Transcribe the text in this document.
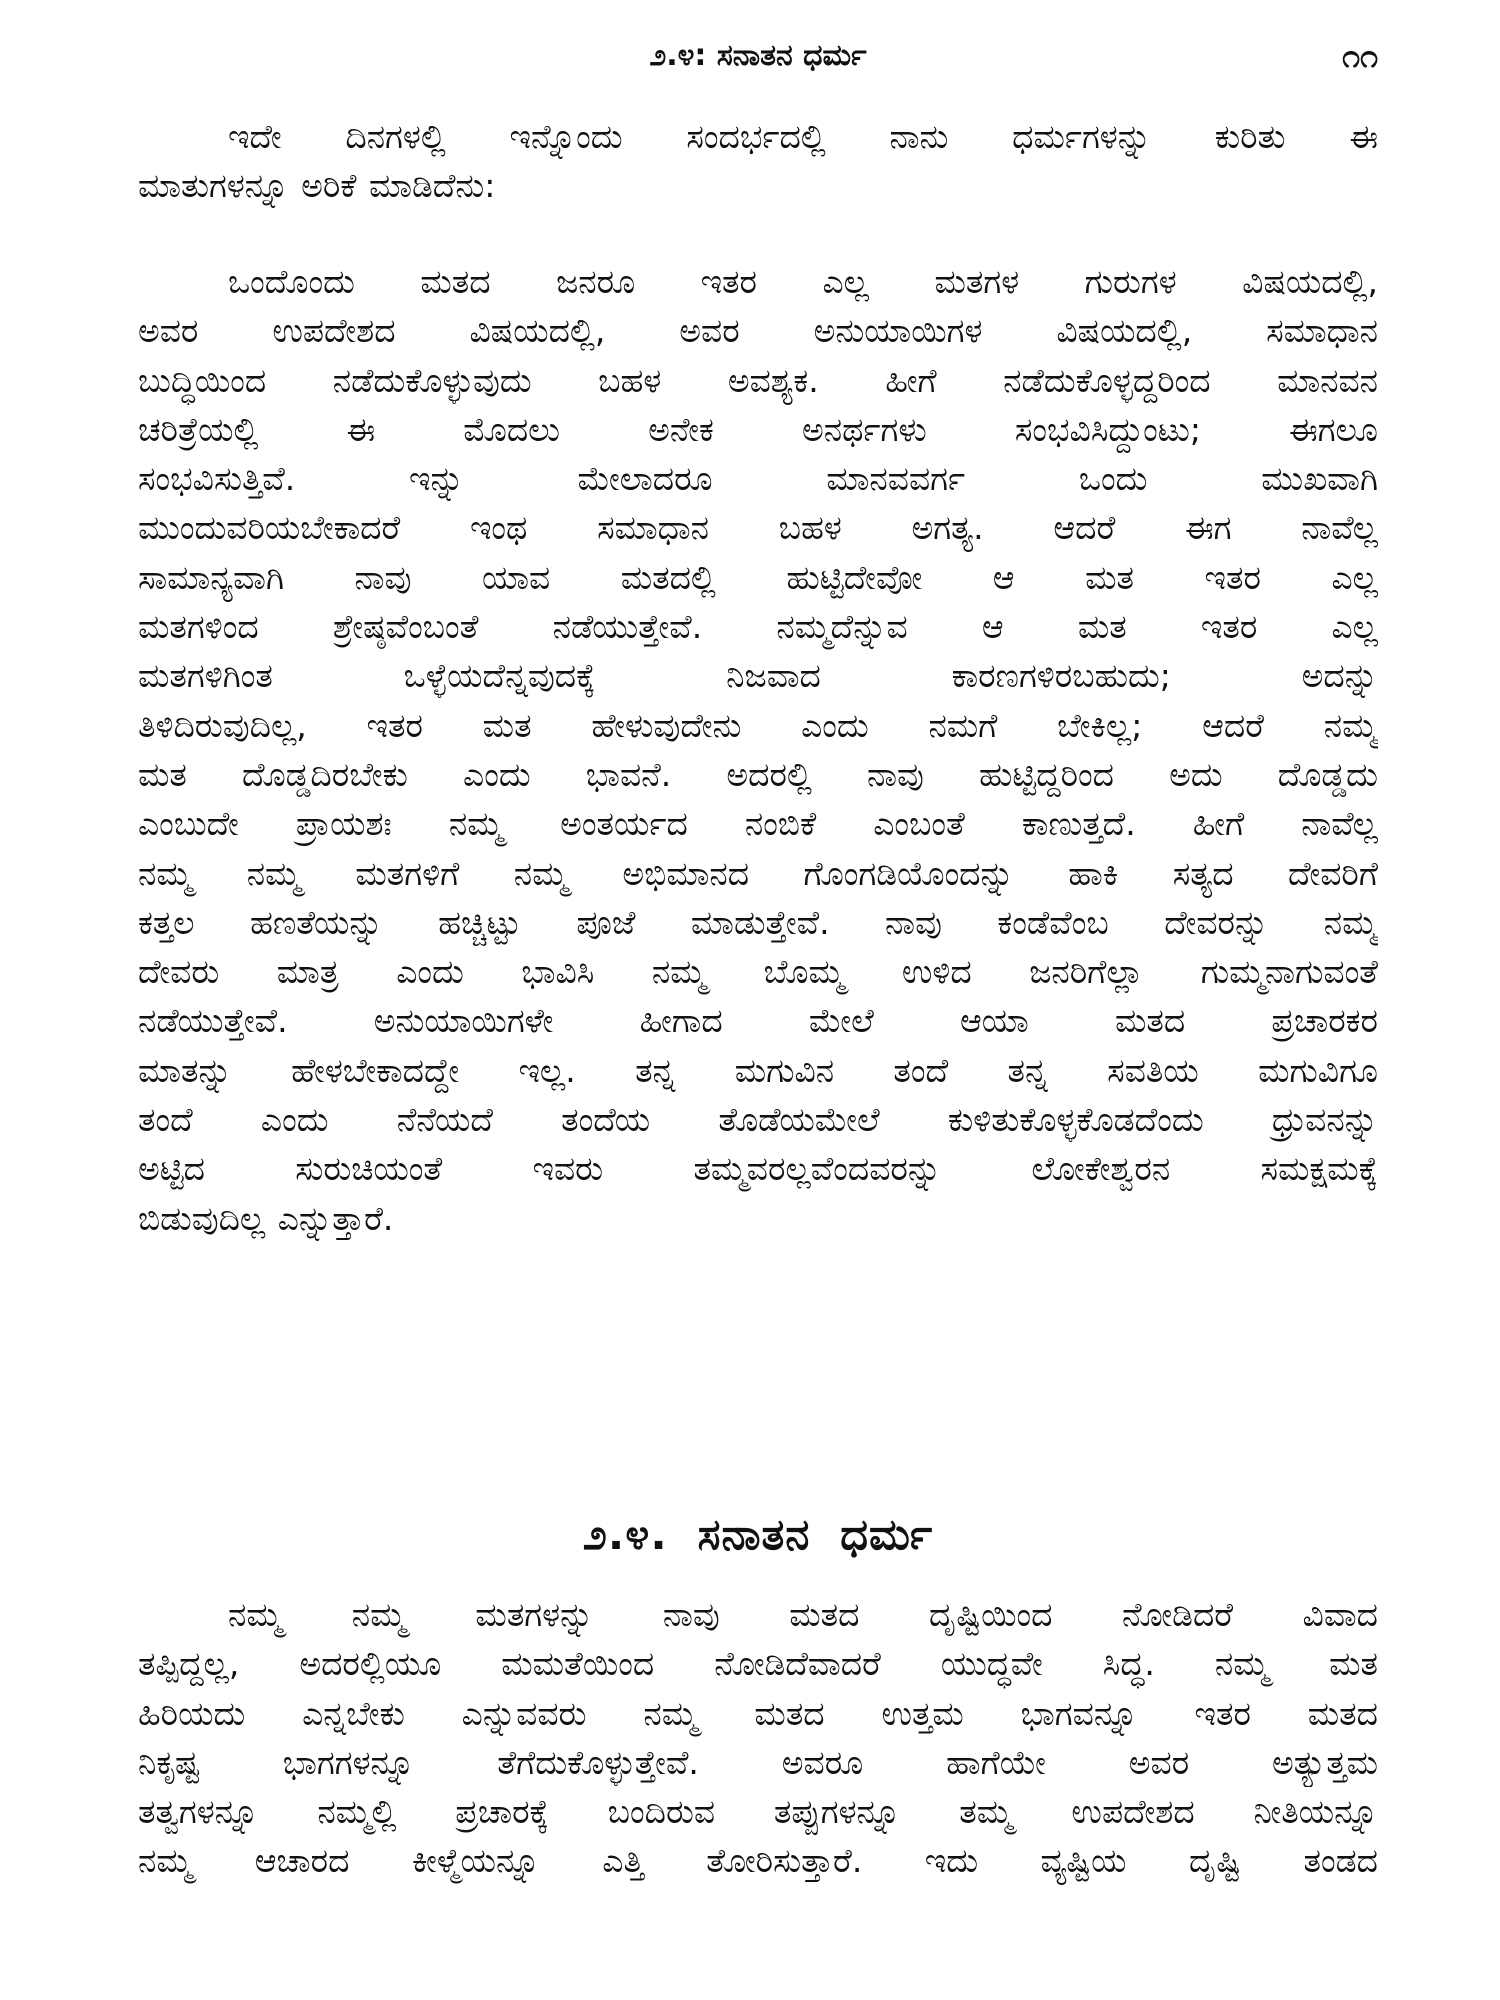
೨.೪: ಸನಾತನ ಧರ್ಮ	೧೧

ಇದೇ ದಿನಗಳಲ್ಲಿ ಇನ್ನೊಂದು ಸಂದರ್ಭದಲ್ಲಿ ನಾನು ಧರ್ಮಗಳನ್ನು ಕುರಿತು ಈ
ಮಾತುಗಳನ್ನೂ ಅರಿಕೆ ಮಾಡಿದೆನು:

ಒಂದೊಂದು ಮತದ ಜನರೂ ಇತರ ಎಲ್ಲ ಮತಗಳ ಗುರುಗಳ ವಿಷಯದಲ್ಲಿ,
ಅವರ ಉಪದೇಶದ ವಿಷಯದಲ್ಲಿ, ಅವರ ಅನುಯಾಯಿಗಳ ವಿಷಯದಲ್ಲಿ, ಸಮಾಧಾನ
ಬುದ್ಧಿಯಿಂದ ನಡೆದುಕೊಳ್ಳುವುದು ಬಹಳ ಅವಶ್ಯಕ. ಹೀಗೆ ನಡೆದುಕೊಳ್ಳದ್ದರಿಂದ ಮಾನವನ
ಚರಿತ್ರೆಯಲ್ಲಿ ಈ ಮೊದಲು ಅನೇಕ ಅನರ್ಥಗಳು ಸಂಭವಿಸಿದ್ದುಂಟು; ಈಗಲೂ
ಸಂಭವಿಸುತ್ತಿವೆ. ಇನ್ನು ಮೇಲಾದರೂ ಮಾನವವರ್ಗ ಒಂದು ಮುಖವಾಗಿ
ಮುಂದುವರಿಯಬೇಕಾದರೆ ಇಂಥ ಸಮಾಧಾನ ಬಹಳ ಅಗತ್ಯ. ಆದರೆ ಈಗ ನಾವೆಲ್ಲ
ಸಾಮಾನ್ಯವಾಗಿ ನಾವು ಯಾವ ಮತದಲ್ಲಿ ಹುಟ್ಟಿದೇವೋ ಆ ಮತ ಇತರ ಎಲ್ಲ
ಮತಗಳಿಂದ ಶ್ರೇಷ್ಠವೆಂಬಂತೆ ನಡೆಯುತ್ತೇವೆ. ನಮ್ಮದೆನ್ನುವ ಆ ಮತ ಇತರ ಎಲ್ಲ
ಮತಗಳಿಗಿಂತ ಒಳ್ಳೆಯದೆನ್ನವುದಕ್ಕೆ ನಿಜವಾದ ಕಾರಣಗಳಿರಬಹುದು; ಅದನ್ನು
ತಿಳಿದಿರುವುದಿಲ್ಲ, ಇತರ ಮತ ಹೇಳುವುದೇನು ಎಂದು ನಮಗೆ ಬೇಕಿಲ್ಲ; ಆದರೆ ನಮ್ಮ
ಮತ ದೊಡ್ಡದಿರಬೇಕು ಎಂದು ಭಾವನೆ. ಅದರಲ್ಲಿ ನಾವು ಹುಟ್ಟಿದ್ದರಿಂದ ಅದು ದೊಡ್ಡದು
ಎಂಬುದೇ ಪ್ರಾಯಶಃ ನಮ್ಮ ಅಂತರ್ಯದ ನಂಬಿಕೆ ಎಂಬಂತೆ ಕಾಣುತ್ತದೆ. ಹೀಗೆ ನಾವೆಲ್ಲ
ನಮ್ಮ ನಮ್ಮ ಮತಗಳಿಗೆ ನಮ್ಮ ಅಭಿಮಾನದ ಗೊಂಗಡಿಯೊಂದನ್ನು ಹಾಕಿ ಸತ್ಯದ ದೇವರಿಗೆ
ಕತ್ತಲ ಹಣತೆಯನ್ನು ಹಚ್ಚಿಟ್ಟು ಪೂಜೆ ಮಾಡುತ್ತೇವೆ. ನಾವು ಕಂಡೆವೆಂಬ ದೇವರನ್ನು ನಮ್ಮ
ದೇವರು ಮಾತ್ರ ಎಂದು ಭಾವಿಸಿ ನಮ್ಮ ಬೊಮ್ಮ ಉಳಿದ ಜನರಿಗೆಲ್ಲಾ ಗುಮ್ಮನಾಗುವಂತೆ
ನಡೆಯುತ್ತೇವೆ. ಅನುಯಾಯಿಗಳೇ ಹೀಗಾದ ಮೇಲೆ ಆಯಾ ಮತದ ಪ್ರಚಾರಕರ
ಮಾತನ್ನು ಹೇಳಬೇಕಾದದ್ದೇ ಇಲ್ಲ. ತನ್ನ ಮಗುವಿನ ತಂದೆ ತನ್ನ ಸವತಿಯ ಮಗುವಿಗೂ
ತಂದೆ ಎಂದು ನೆನೆಯದೆ ತಂದೆಯ ತೊಡೆಯಮೇಲೆ ಕುಳಿತುಕೊಳ್ಳಕೊಡದೆಂದು ಧ್ರುವನನ್ನು
ಅಟ್ಟಿದ ಸುರುಚಿಯಂತೆ ಇವರು ತಮ್ಮವರಲ್ಲವೆಂದವರನ್ನು ಲೋಕೇಶ್ವರನ ಸಮಕ್ಷಮಕ್ಕೆ
ಬಿಡುವುದಿಲ್ಲ ಎನ್ನುತ್ತಾರೆ.

೨.೪. ಸನಾತನ ಧರ್ಮ

ನಮ್ಮ ನಮ್ಮ ಮತಗಳನ್ನು ನಾವು ಮತದ ದೃಷ್ಟಿಯಿಂದ ನೋಡಿದರೆ ವಿವಾದ
ತಪ್ಪಿದ್ದಲ್ಲ, ಅದರಲ್ಲಿಯೂ ಮಮತೆಯಿಂದ ನೋಡಿದೆವಾದರೆ ಯುದ್ಧವೇ ಸಿದ್ಧ. ನಮ್ಮ ಮತ
ಹಿರಿಯದು ಎನ್ನಬೇಕು ಎನ್ನುವವರು ನಮ್ಮ ಮತದ ಉತ್ತಮ ಭಾಗವನ್ನೂ ಇತರ ಮತದ
ನಿಕೃಷ್ಟ ಭಾಗಗಳನ್ನೂ ತೆಗೆದುಕೊಳ್ಳುತ್ತೇವೆ. ಅವರೂ ಹಾಗೆಯೇ ಅವರ ಅತ್ಯುತ್ತಮ
ತತ್ವಗಳನ್ನೂ ನಮ್ಮಲ್ಲಿ ಪ್ರಚಾರಕ್ಕೆ ಬಂದಿರುವ ತಪ್ಪುಗಳನ್ನೂ ತಮ್ಮ ಉಪದೇಶದ ನೀತಿಯನ್ನೂ
ನಮ್ಮ ಆಚಾರದ ಕೀಳ್ಮೆಯನ್ನೂ ಎತ್ತಿ ತೋರಿಸುತ್ತಾರೆ. ಇದು ವ್ಯಷ್ಟಿಯ ದೃಷ್ಟಿ ತಂಡದ
